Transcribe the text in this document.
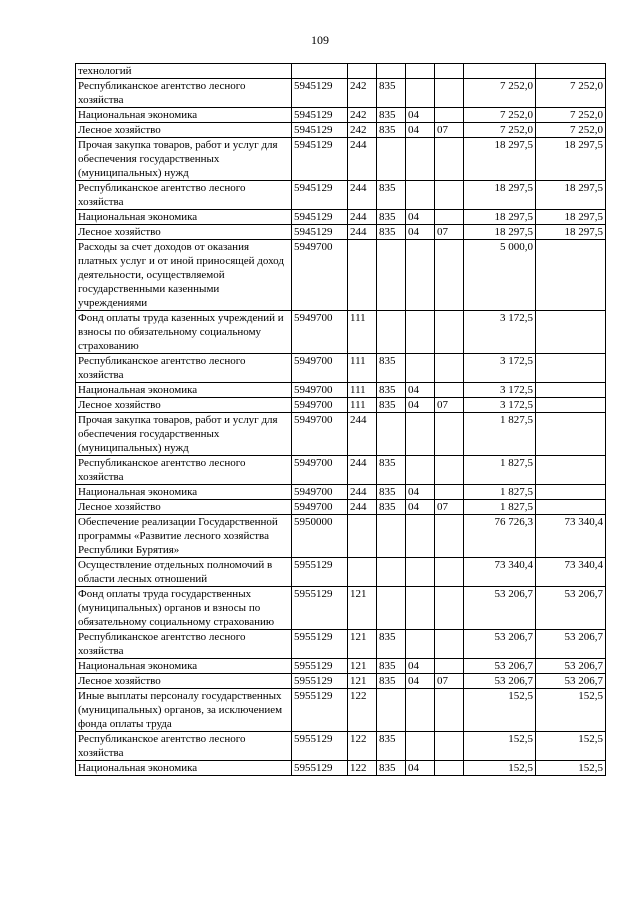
109
технологий							
Республиканское агентство лесного хозяйства	5945129	242	835			7 252,0	7 252,0
Национальная экономика	5945129	242	835	04		7 252,0	7 252,0
Лесное хозяйство	5945129	242	835	04	07	7 252,0	7 252,0
Прочая закупка товаров, работ и услуг для обеспечения государственных (муниципальных) нужд	5945129	244				18 297,5	18 297,5
Республиканское агентство лесного хозяйства	5945129	244	835			18 297,5	18 297,5
Национальная экономика	5945129	244	835	04		18 297,5	18 297,5
Лесное хозяйство	5945129	244	835	04	07	18 297,5	18 297,5
Расходы за счет доходов от оказания платных услуг и от иной приносящей доход деятельности, осуществляемой государственными казенными учреждениями	5949700					5 000,0	
Фонд оплаты труда казенных учреждений и взносы по обязательному социальному страхованию	5949700	111				3 172,5	
Республиканское агентство лесного хозяйства	5949700	111	835			3 172,5	
Национальная экономика	5949700	111	835	04		3 172,5	
Лесное хозяйство	5949700	111	835	04	07	3 172,5	
Прочая закупка товаров, работ и услуг для обеспечения государственных (муниципальных) нужд	5949700	244				1 827,5	
Республиканское агентство лесного хозяйства	5949700	244	835			1 827,5	
Национальная экономика	5949700	244	835	04		1 827,5	
Лесное хозяйство	5949700	244	835	04	07	1 827,5	
Обеспечение реализации Государственной программы «Развитие лесного хозяйства Республики Бурятия»	5950000					76 726,3	73 340,4
Осуществление отдельных полномочий в области лесных отношений	5955129					73 340,4	73 340,4
Фонд оплаты труда государственных (муниципальных) органов и взносы по обязательному социальному страхованию	5955129	121				53 206,7	53 206,7
Республиканское агентство лесного хозяйства	5955129	121	835			53 206,7	53 206,7
Национальная экономика	5955129	121	835	04		53 206,7	53 206,7
Лесное хозяйство	5955129	121	835	04	07	53 206,7	53 206,7
Иные выплаты персоналу государственных (муниципальных) органов, за исключением фонда оплаты труда	5955129	122				152,5	152,5
Республиканское агентство лесного хозяйства	5955129	122	835			152,5	152,5
Национальная экономика	5955129	122	835	04		152,5	152,5
